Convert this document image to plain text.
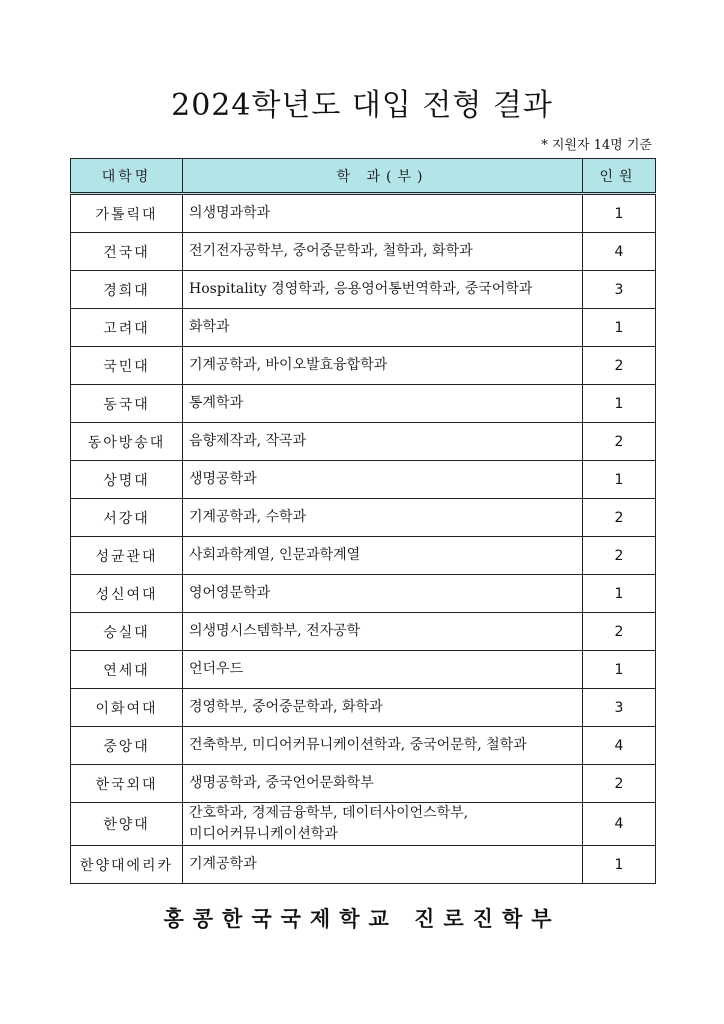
2024학년도 대입 전형 결과
* 지원자 14명 기준
대학명	학 과(부)	인원
가톨릭대	의생명과학과	1
건국대	전기전자공학부, 중어중문학과, 철학과, 화학과	4
경희대	Hospitality 경영학과, 응용영어통번역학과, 중국어학과	3
고려대	화학과	1
국민대	기계공학과, 바이오발효융합학과	2
동국대	통계학과	1
동아방송대	음향제작과, 작곡과	2
상명대	생명공학과	1
서강대	기계공학과, 수학과	2
성균관대	사회과학계열, 인문과학계열	2
성신여대	영어영문학과	1
숭실대	의생명시스템학부, 전자공학	2
연세대	언더우드	1
이화여대	경영학부, 중어중문학과, 화학과	3
중앙대	건축학부, 미디어커뮤니케이션학과, 중국어문학, 철학과	4
한국외대	생명공학과, 중국언어문화학부	2
한양대	간호학과, 경제금융학부, 데이터사이언스학부,
미디어커뮤니케이션학과	4
한양대에리카	기계공학과	1
홍콩한국국제학교 진로진학부
